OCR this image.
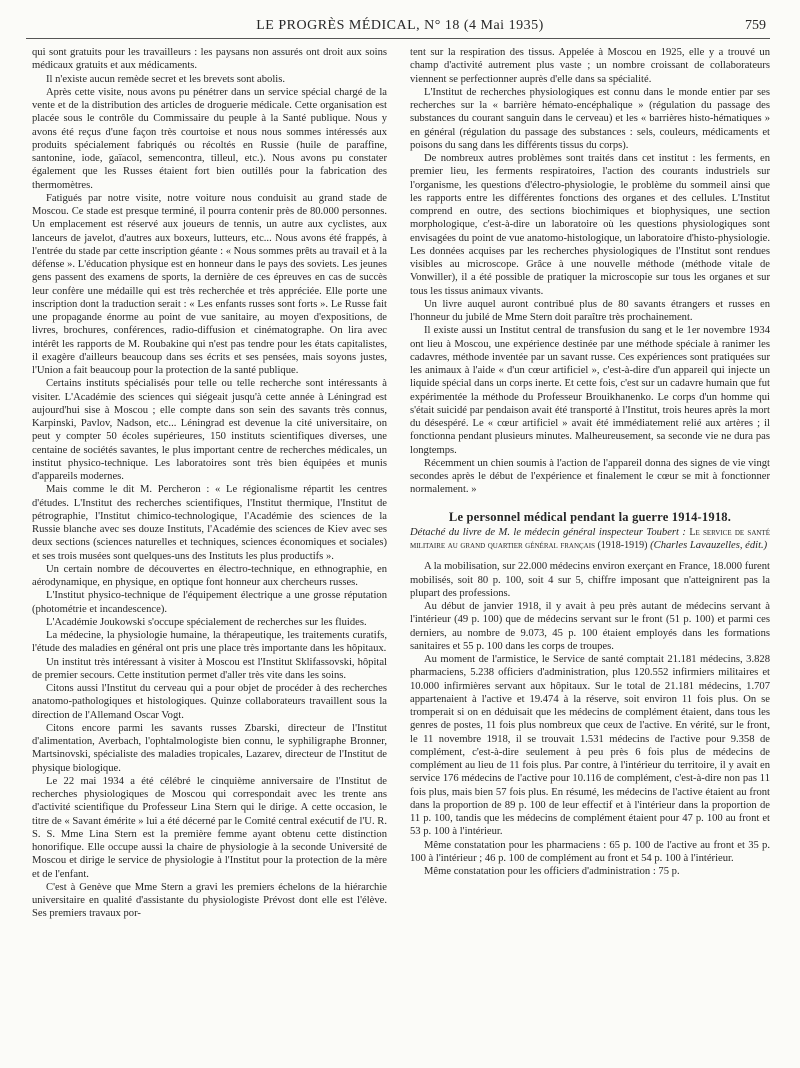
LE PROGRÈS MÉDICAL, N° 18 (4 Mai 1935)	759

qui sont gratuits pour les travailleurs : les paysans non assurés ont droit aux soins médicaux gratuits et aux médicaments.

Il n'existe aucun remède secret et les brevets sont abolis.

Après cette visite, nous avons pu pénétrer dans un service spécial chargé de la vente et de la distribution des articles de droguerie médicale. Cette organisation est placée sous le contrôle du Commissaire du peuple à la Santé publique. Nous y avons été reçus d'une façon très courtoise et nous nous sommes intéressés aux produits spécialement fabriqués ou récoltés en Russie (huile de paraffine, santonine, iode, gaïacol, semencontra, tilleul, etc.). Nous avons pu constater également que les Russes étaient fort bien outillés pour la fabrication des thermomètres.

Fatigués par notre visite, notre voiture nous conduisit au grand stade de Moscou. Ce stade est presque terminé, il pourra contenir près de 80.000 personnes. Un emplacement est réservé aux joueurs de tennis, un autre aux cyclistes, aux lanceurs de javelot, d'autres aux boxeurs, lutteurs, etc... Nous avons été frappés, à l'entrée du stade par cette inscription géante : « Nous sommes prêts au travail et à la défense ». L'éducation physique est en honneur dans le pays des soviets. Les jeunes gens passent des examens de sports, la dernière de ces épreuves en cas de succès leur confère une médaille qui est très recherchée et très appréciée. Elle porte une inscription dont la traduction serait : « Les enfants russes sont forts ». Le Russe fait une propagande énorme au point de vue sanitaire, au moyen d'expositions, de livres, brochures, conférences, radio-diffusion et cinématographe. On lira avec intérêt les rapports de M. Roubakine qui n'est pas tendre pour les états capitalistes, il exagère d'ailleurs beaucoup dans ses écrits et ses pensées, mais soyons justes, l'Union a fait beaucoup pour la protection de la santé publique.

Certains instituts spécialisés pour telle ou telle recherche sont intéressants à visiter. L'Académie des sciences qui siégeait jusqu'à cette année à Léningrad est aujourd'hui sise à Moscou ; elle compte dans son sein des savants très connus, Karpinski, Pavlov, Nadson, etc... Léningrad est devenue la cité universitaire, on peut y compter 50 écoles supérieures, 150 instituts scientifiques diverses, une centaine de sociétés savantes, le plus important centre de recherches médicales, un institut physico-technique. Les laboratoires sont très bien équipées et munis d'appareils modernes.

Mais comme le dit M. Percheron : « Le régionalisme répartit les centres d'études. L'Institut des recherches scientifiques, l'Institut thermique, l'Institut de pétrographie, l'Institut chimico-technologique, l'Académie des sciences de la Russie blanche avec ses douze Instituts, l'Académie des sciences de Kiev avec ses deux sections (sciences naturelles et techniques, sciences économiques et sociales) et ses trois musées sont quelques-uns des Instituts les plus productifs ».

Un certain nombre de découvertes en électro-technique, en ethnographie, en aérodynamique, en physique, en optique font honneur aux chercheurs russes.

L'Institut physico-technique de l'équipement électrique a une grosse réputation (photométrie et incandescence).

L'Académie Joukowski s'occupe spécialement de recherches sur les fluides.

La médecine, la physiologie humaine, la thérapeutique, les traitements curatifs, l'étude des maladies en général ont pris une place très importante dans les hôpitaux.

Un institut très intéressant à visiter à Moscou est l'Institut Sklifassovski, hôpital de premier secours. Cette institution permet d'aller très vite dans les soins.

Citons aussi l'Institut du cerveau qui a pour objet de procéder à des recherches anatomo-pathologiques et histologiques. Quinze collaborateurs travaillent sous la direction de l'Allemand Oscar Vogt.

Citons encore parmi les savants russes Zbarski, directeur de l'Institut d'alimentation, Averbach, l'ophtalmologiste bien connu, le syphiligraphe Bronner, Martsinovski, spécialiste des maladies tropicales, Lazarev, directeur de l'Institut de physique biologique.

Le 22 mai 1934 a été célébré le cinquième anniversaire de l'Institut de recherches physiologiques de Moscou qui correspondait avec les trente ans d'activité scientifique du Professeur Lina Stern qui le dirige. A cette occasion, le titre de « Savant émérite » lui a été décerné par le Comité central exécutif de l'U. R. S. S. Mme Lina Stern est la première femme ayant obtenu cette distinction honorifique. Elle occupe aussi la chaire de physiologie à la seconde Université de Moscou et dirige le service de physiologie à l'Institut pour la protection de la mère et de l'enfant.

C'est à Genève que Mme Stern a gravi les premiers échelons de la hiérarchie universitaire en qualité d'assistante du physiologiste Prévost dont elle est l'élève. Ses premiers travaux por-

tent sur la respiration des tissus. Appelée à Moscou en 1925, elle y a trouvé un champ d'activité autrement plus vaste ; un nombre croissant de collaborateurs viennent se perfectionner auprès d'elle dans sa spécialité.

L'Institut de recherches physiologiques est connu dans le monde entier par ses recherches sur la « barrière hémato-encéphalique » (régulation du passage des substances du courant sanguin dans le cerveau) et les « barrières histo-hématiques » en général (régulation du passage des substances : sels, couleurs, médicaments et poisons du sang dans les différents tissus du corps).

De nombreux autres problèmes sont traités dans cet institut : les ferments, en premier lieu, les ferments respiratoires, l'action des courants industriels sur l'organisme, les questions d'électro-physiologie, le problème du sommeil ainsi que les rapports entre les différentes fonctions des organes et des cellules. L'Institut comprend en outre, des sections biochimiques et biophysiques, une section morphologique, c'est-à-dire un laboratoire où les questions physiologiques sont envisagées du point de vue anatomo-histologique, un laboratoire d'histo-physiologie. Les données acquises par les recherches physiologiques de l'Institut sont rendues visibles au microscope. Grâce à une nouvelle méthode (méthode vitale de Vonwiller), il a été possible de pratiquer la microscopie sur tous les organes et sur tous les tissus animaux vivants.

Un livre auquel auront contribué plus de 80 savants étrangers et russes en l'honneur du jubilé de Mme Stern doit paraître très prochainement.

Il existe aussi un Institut central de transfusion du sang et le 1er novembre 1934 ont lieu à Moscou, une expérience destinée par une méthode spéciale à ranimer les cadavres, méthode inventée par un savant russe. Ces expériences sont pratiquées sur les animaux à l'aide « d'un cœur artificiel », c'est-à-dire d'un appareil qui injecte un liquide spécial dans un corps inerte. Et cette fois, c'est sur un cadavre humain que fut expérimentée la méthode du Professeur Brouikhanenko. Le corps d'un homme qui s'était suicidé par pendaison avait été transporté à l'Institut, trois heures après la mort du désespéré. Le « cœur artificiel » avait été immédiatement relié aux artères ; il fonctionna pendant plusieurs minutes. Malheureusement, sa seconde vie ne dura pas longtemps.

Récemment un chien soumis à l'action de l'appareil donna des signes de vie vingt secondes après le début de l'expérience et finalement le cœur se mit à fonctionner normalement. »

Le personnel médical pendant la guerre 1914-1918.

Détaché du livre de M. le médecin général inspecteur Toubert : Le service de santé militaire au grand quartier général français (1918-1919) (Charles Lavauzelles, édit.)

A la mobilisation, sur 22.000 médecins environ exerçant en France, 18.000 furent mobilisés, soit 80 p. 100, soit 4 sur 5, chiffre imposant que n'atteignirent pas la plupart des professions.

Au début de janvier 1918, il y avait à peu près autant de médecins servant à l'intérieur (49 p. 100) que de médecins servant sur le front (51 p. 100) et parmi ces derniers, au nombre de 9.073, 45 p. 100 étaient employés dans les formations sanitaires et 55 p. 100 dans les corps de troupes.

Au moment de l'armistice, le Service de santé comptait 21.181 médecins, 3.828 pharmaciens, 5.238 officiers d'administration, plus 120.552 infirmiers militaires et 10.000 infirmières servant aux hôpitaux. Sur le total de 21.181 médecins, 1.707 appartenaient à l'active et 19.474 à la réserve, soit environ 11 fois plus. On se tromperait si on en déduisait que les médecins de complément étaient, dans tous les genres de postes, 11 fois plus nombreux que ceux de l'active. En vérité, sur le front, le 11 novembre 1918, il se trouvait 1.531 médecins de l'active pour 9.358 de complément, c'est-à-dire seulement à peu près 6 fois plus de médecins de complément au lieu de 11 fois plus. Par contre, à l'intérieur du territoire, il y avait en service 176 médecins de l'active pour 10.116 de complément, c'est-à-dire non pas 11 fois plus, mais bien 57 fois plus. En résumé, les médecins de l'active étaient au front dans la proportion de 89 p. 100 de leur effectif et à l'intérieur dans la proportion de 11 p. 100, tandis que les médecins de complément étaient pour 47 p. 100 au front et 53 p. 100 à l'intérieur.

Même constatation pour les pharmaciens : 65 p. 100 de l'active au front et 35 p. 100 à l'intérieur ; 46 p. 100 de complément au front et 54 p. 100 à l'intérieur.

Même constatation pour les officiers d'administration : 75 p.
